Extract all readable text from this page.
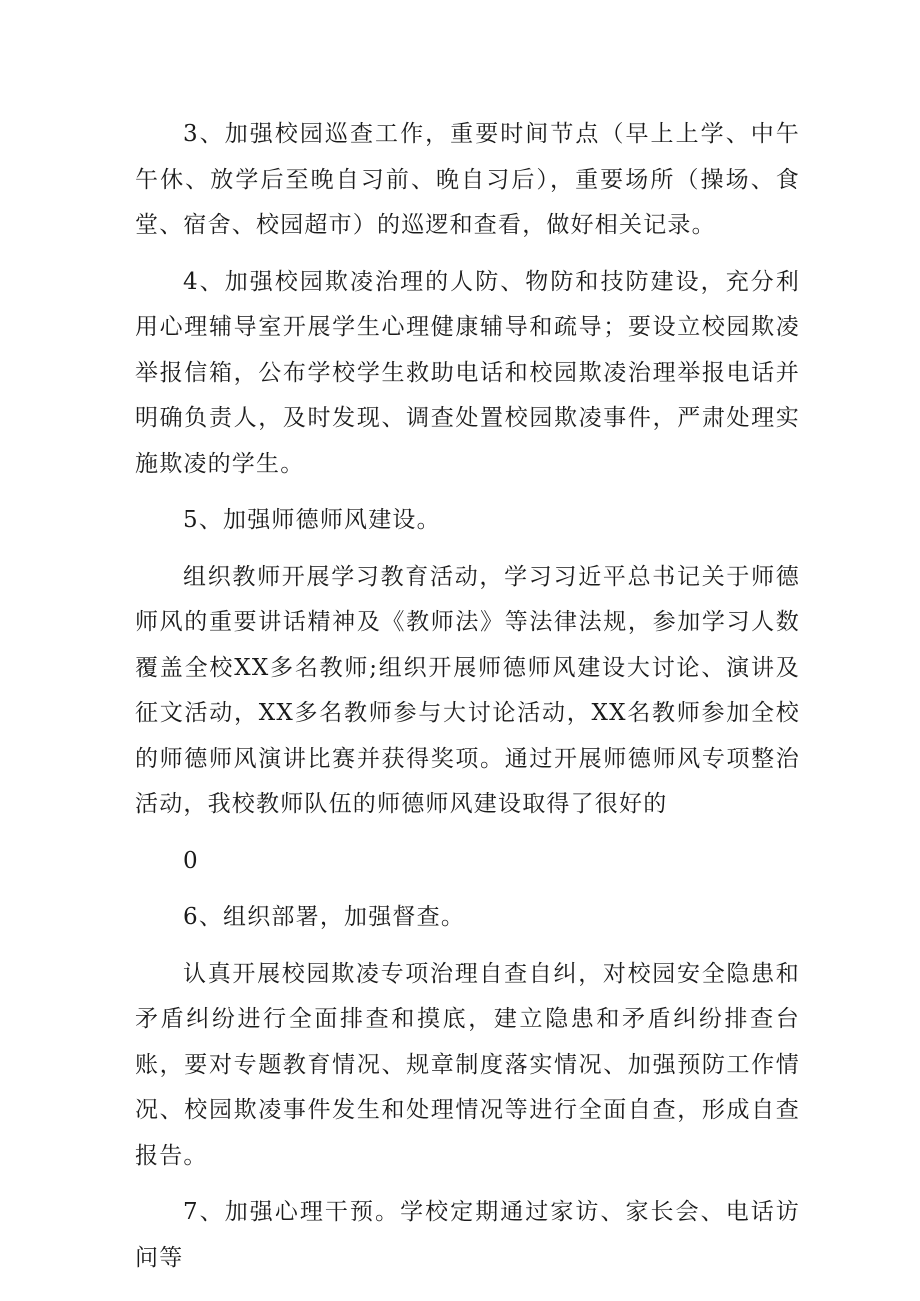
3、加强校园巡查工作，重要时间节点（早上上学、中午午休、放学后至晚自习前、晚自习后），重要场所（操场、食堂、宿舍、校园超市）的巡逻和查看，做好相关记录。

4、加强校园欺凌治理的人防、物防和技防建设，充分利用心理辅导室开展学生心理健康辅导和疏导；要设立校园欺凌举报信箱，公布学校学生救助电话和校园欺凌治理举报电话并明确负责人，及时发现、调查处置校园欺凌事件，严肃处理实施欺凌的学生。

5、加强师德师风建设。

组织教师开展学习教育活动，学习习近平总书记关于师德师风的重要讲话精神及《教师法》等法律法规，参加学习人数覆盖全校XX多名教师;组织开展师德师风建设大讨论、演讲及征文活动，XX多名教师参与大讨论活动，XX名教师参加全校的师德师风演讲比赛并获得奖项。通过开展师德师风专项整治活动，我校教师队伍的师德师风建设取得了很好的

0

6、组织部署，加强督查。

认真开展校园欺凌专项治理自查自纠，对校园安全隐患和矛盾纠纷进行全面排查和摸底，建立隐患和矛盾纠纷排查台账，要对专题教育情况、规章制度落实情况、加强预防工作情况、校园欺凌事件发生和处理情况等进行全面自查，形成自查报告。

7、加强心理干预。学校定期通过家访、家长会、电话访问等
